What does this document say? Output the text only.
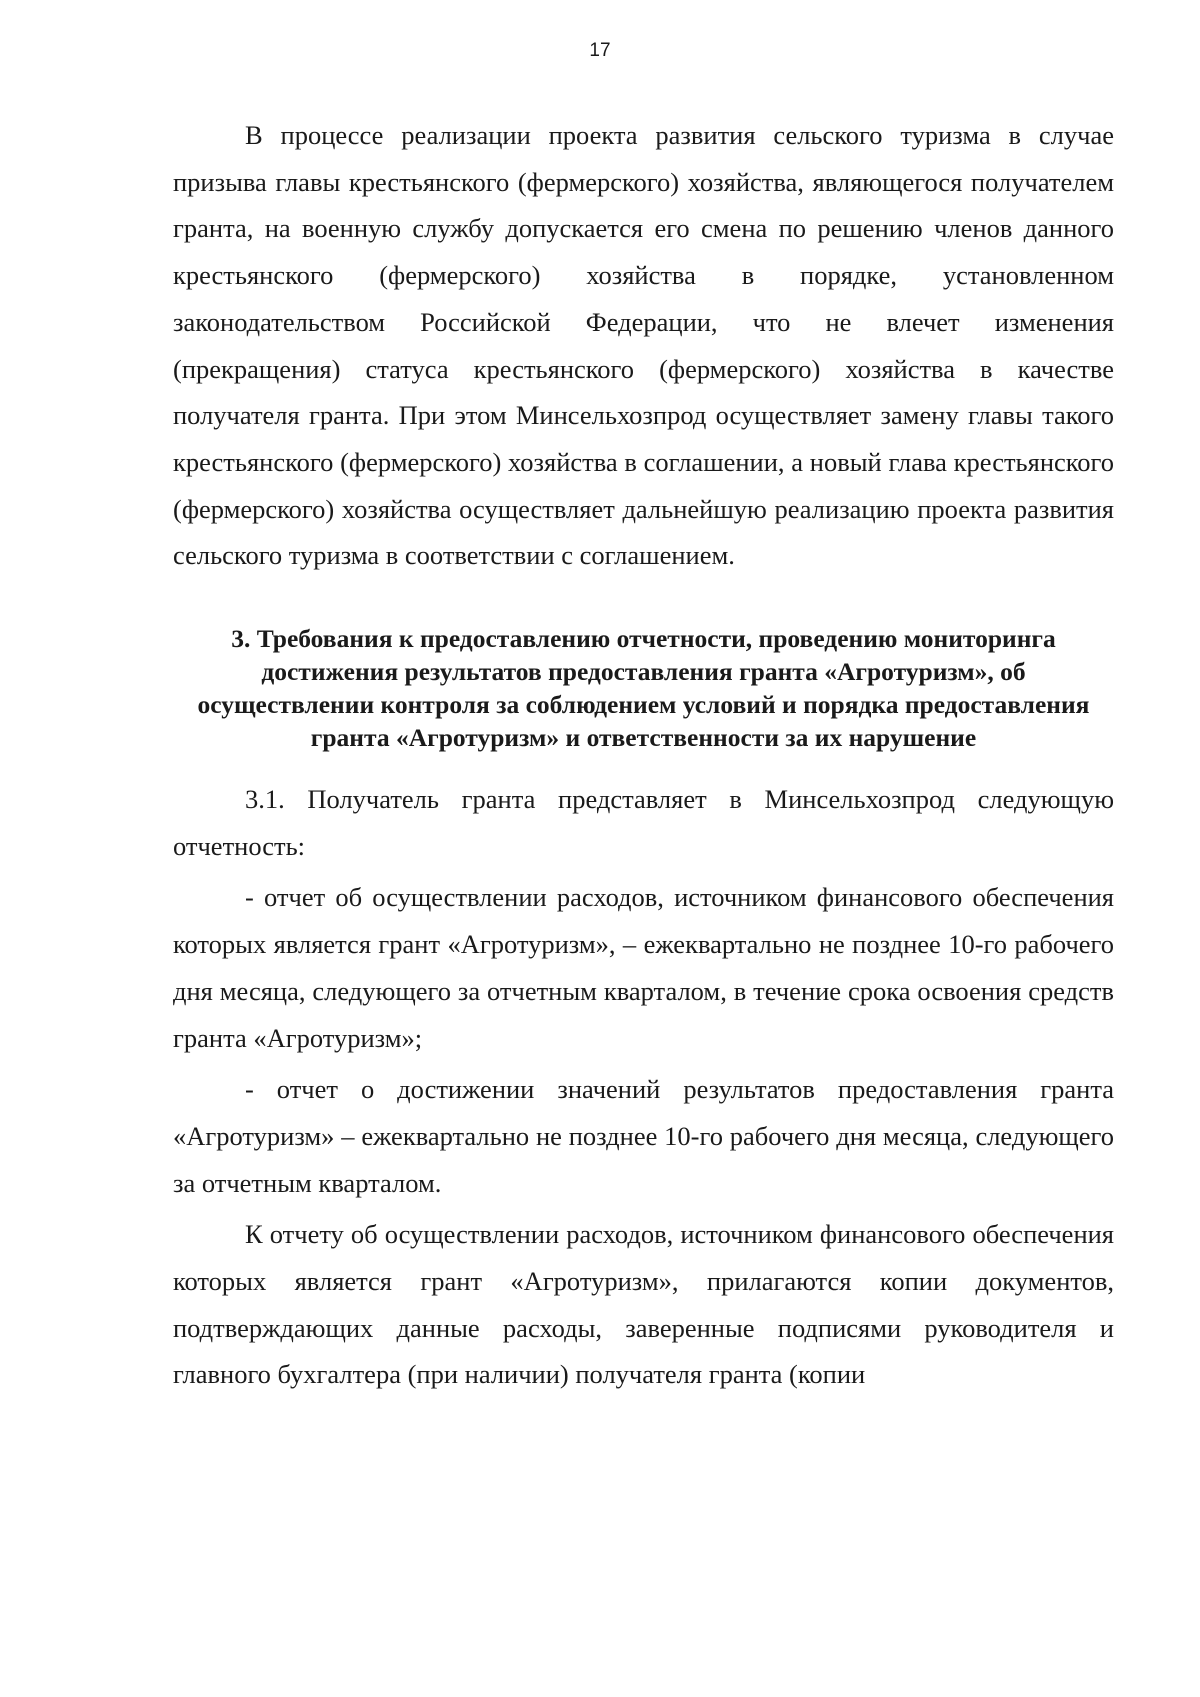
17

В процессе реализации проекта развития сельского туризма в случае призыва главы крестьянского (фермерского) хозяйства, являющегося получателем гранта, на военную службу допускается его смена по решению членов данного крестьянского (фермерского) хозяйства в порядке, установленном законодательством Российской Федерации, что не влечет изменения (прекращения) статуса крестьянского (фермерского) хозяйства в качестве получателя гранта. При этом Минсельхозпрод осуществляет замену главы такого крестьянского (фермерского) хозяйства в соглашении, а новый глава крестьянского (фермерского) хозяйства осуществляет дальнейшую реализацию проекта развития сельского туризма в соответствии с соглашением.

3. Требования к предоставлению отчетности, проведению мониторинга достижения результатов предоставления гранта «Агротуризм», об осуществлении контроля за соблюдением условий и порядка предоставления гранта «Агротуризм» и ответственности за их нарушение

3.1. Получатель гранта представляет в Минсельхозпрод следующую отчетность:

- отчет об осуществлении расходов, источником финансового обеспечения которых является грант «Агротуризм», – ежеквартально не позднее 10-го рабочего дня месяца, следующего за отчетным кварталом, в течение срока освоения средств гранта «Агротуризм»;

- отчет о достижении значений результатов предоставления гранта «Агротуризм» – ежеквартально не позднее 10-го рабочего дня месяца, следующего за отчетным кварталом.

К отчету об осуществлении расходов, источником финансового обеспечения которых является грант «Агротуризм», прилагаются копии документов, подтверждающих данные расходы, заверенные подписями руководителя и главного бухгалтера (при наличии) получателя гранта (копии
